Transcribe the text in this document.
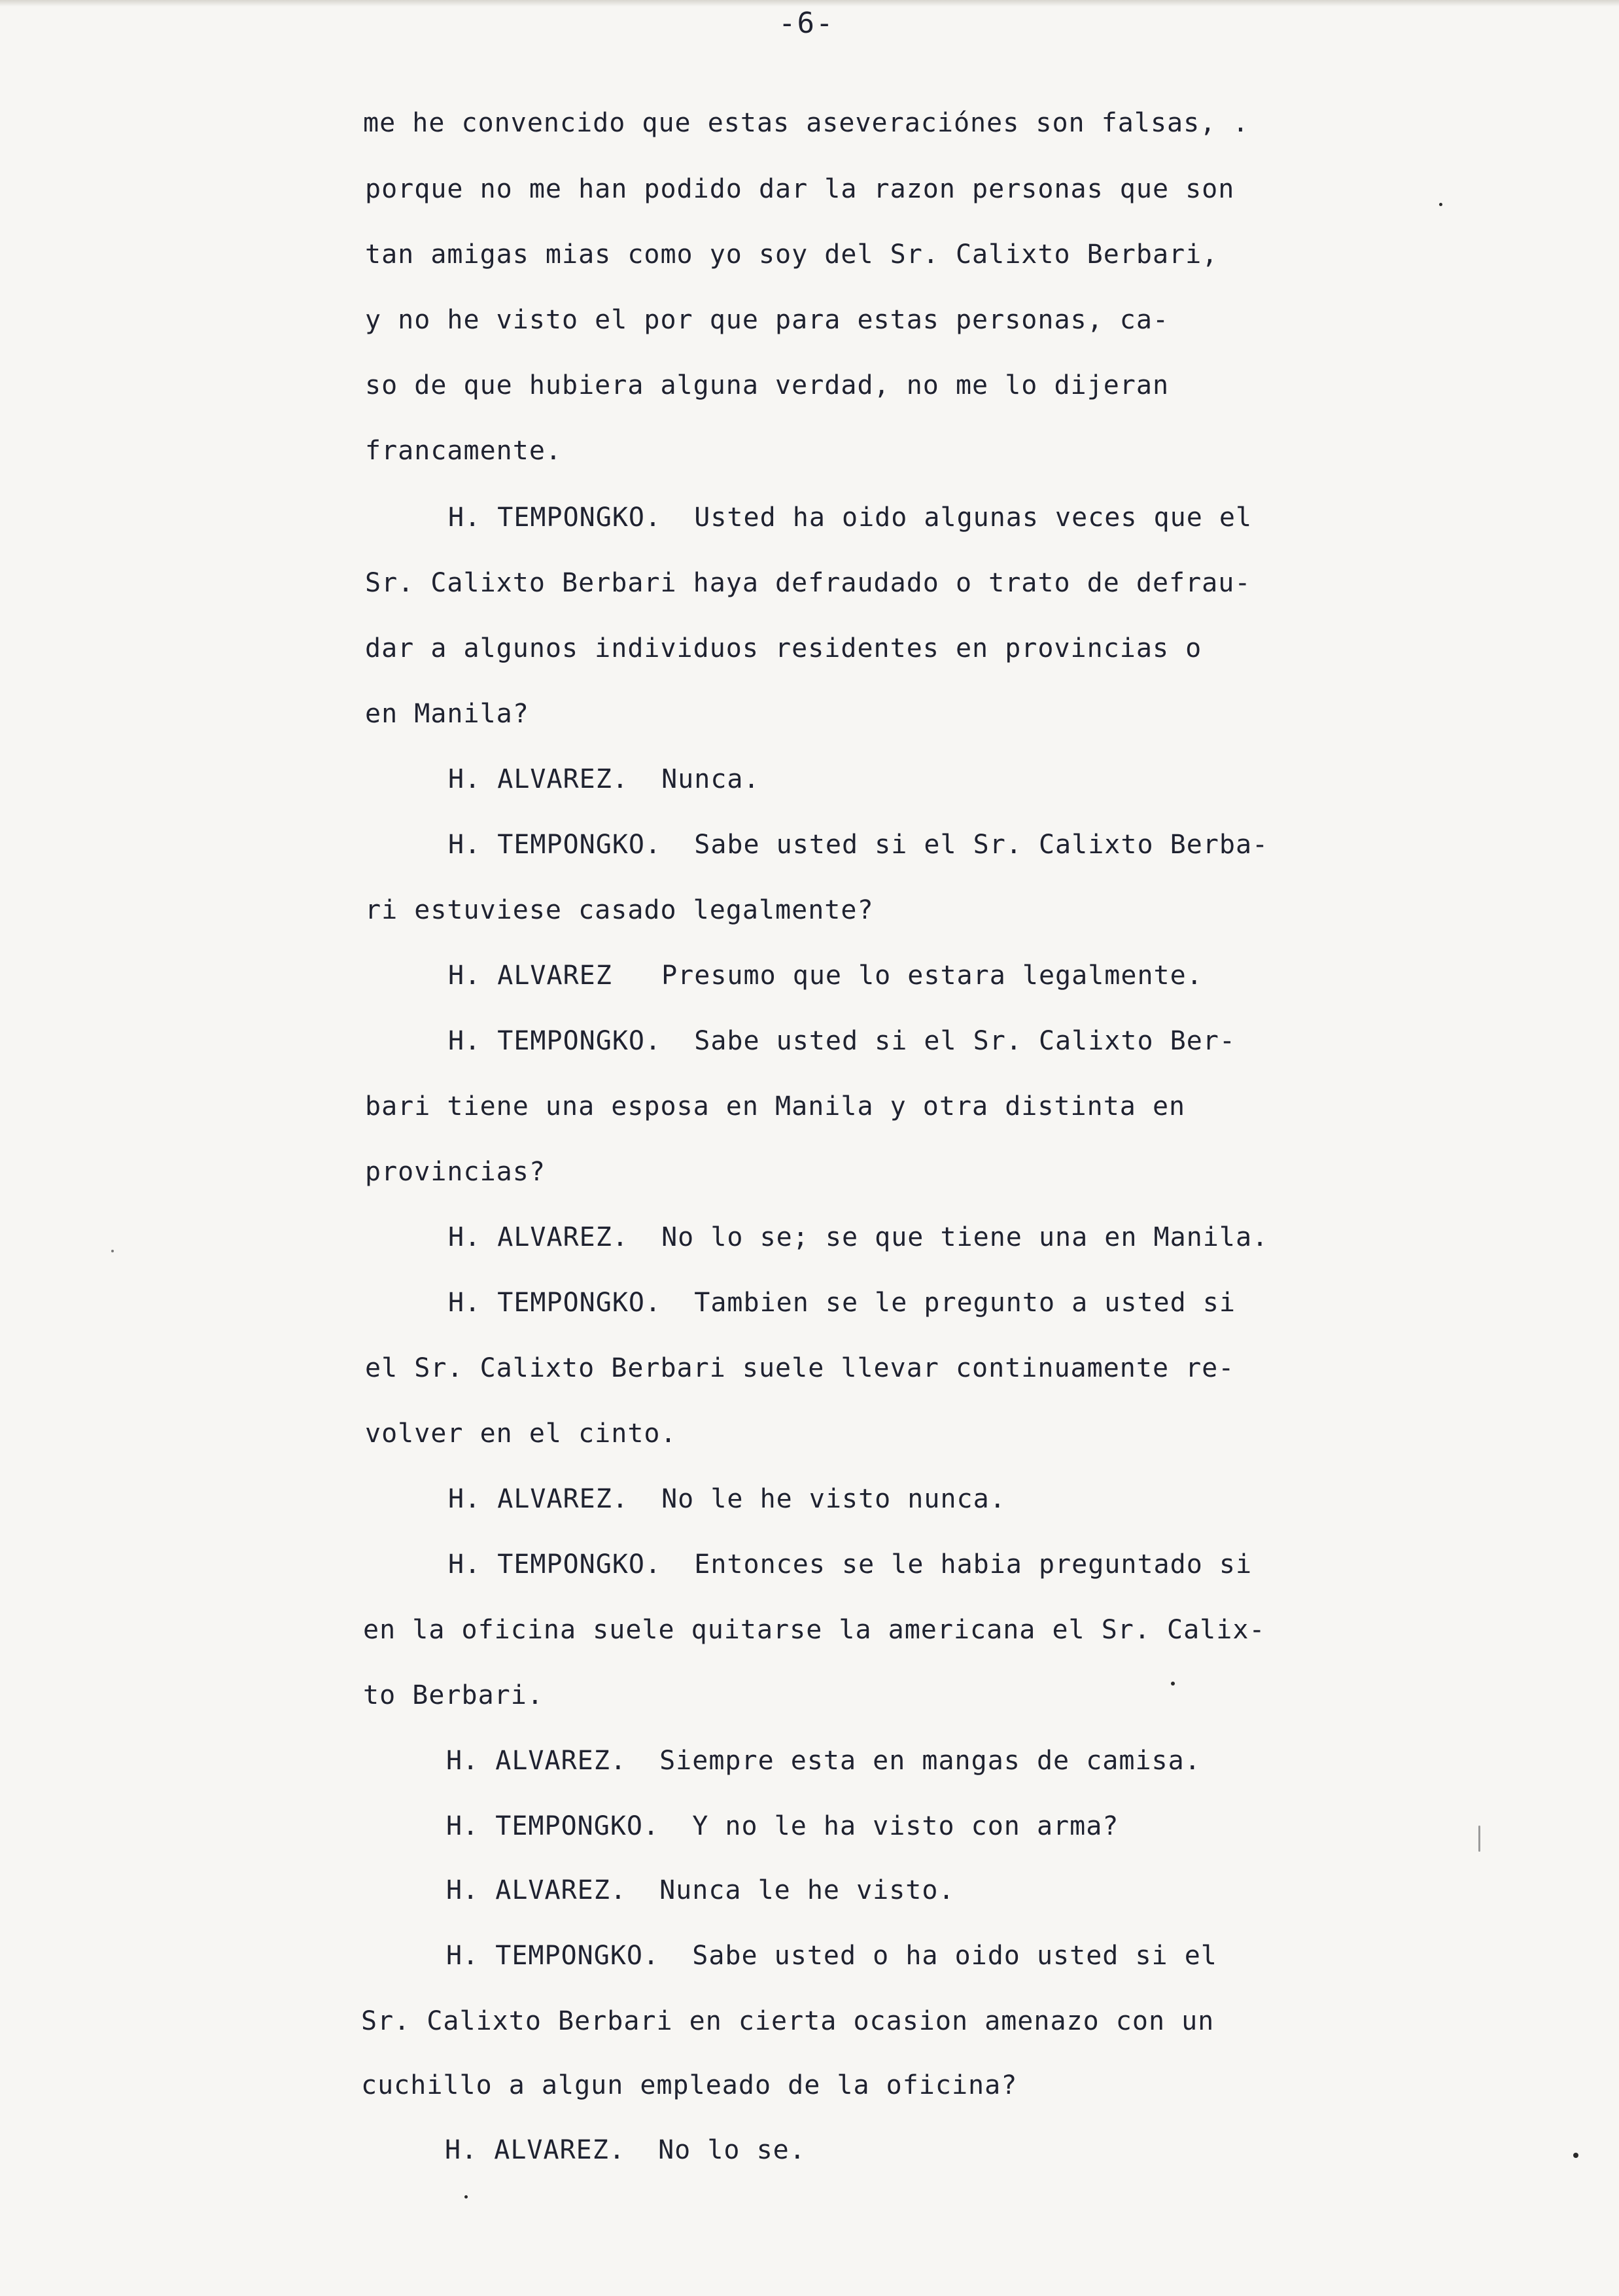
-6-
me he convencido que estas aseveraciónes son falsas, .
porque no me han podido dar la razon personas que son
tan amigas mias como yo soy del Sr. Calixto Berbari,
y no he visto el por que para estas personas, ca-
so de que hubiera alguna verdad, no me lo dijeran
francamente.
H. TEMPONGKO. Usted ha oido algunas veces que el
Sr. Calixto Berbari haya defraudado o trato de defrau-
dar a algunos individuos residentes en provincias o
en Manila?
H. ALVAREZ. Nunca.
H. TEMPONGKO. Sabe usted si el Sr. Calixto Berba-
ri estuviese casado legalmente?
H. ALVAREZ Presumo que lo estara legalmente.
H. TEMPONGKO. Sabe usted si el Sr. Calixto Ber-
bari tiene una esposa en Manila y otra distinta en
provincias?
H. ALVAREZ. No lo se; se que tiene una en Manila.
H. TEMPONGKO. Tambien se le pregunto a usted si
el Sr. Calixto Berbari suele llevar continuamente re-
volver en el cinto.
H. ALVAREZ. No le he visto nunca.
H. TEMPONGKO. Entonces se le habia preguntado si
en la oficina suele quitarse la americana el Sr. Calix-
to Berbari.
H. ALVAREZ. Siempre esta en mangas de camisa.
H. TEMPONGKO. Y no le ha visto con arma?
H. ALVAREZ. Nunca le he visto.
H. TEMPONGKO. Sabe usted o ha oido usted si el
Sr. Calixto Berbari en cierta ocasion amenazo con un
cuchillo a algun empleado de la oficina?
H. ALVAREZ. No lo se.
